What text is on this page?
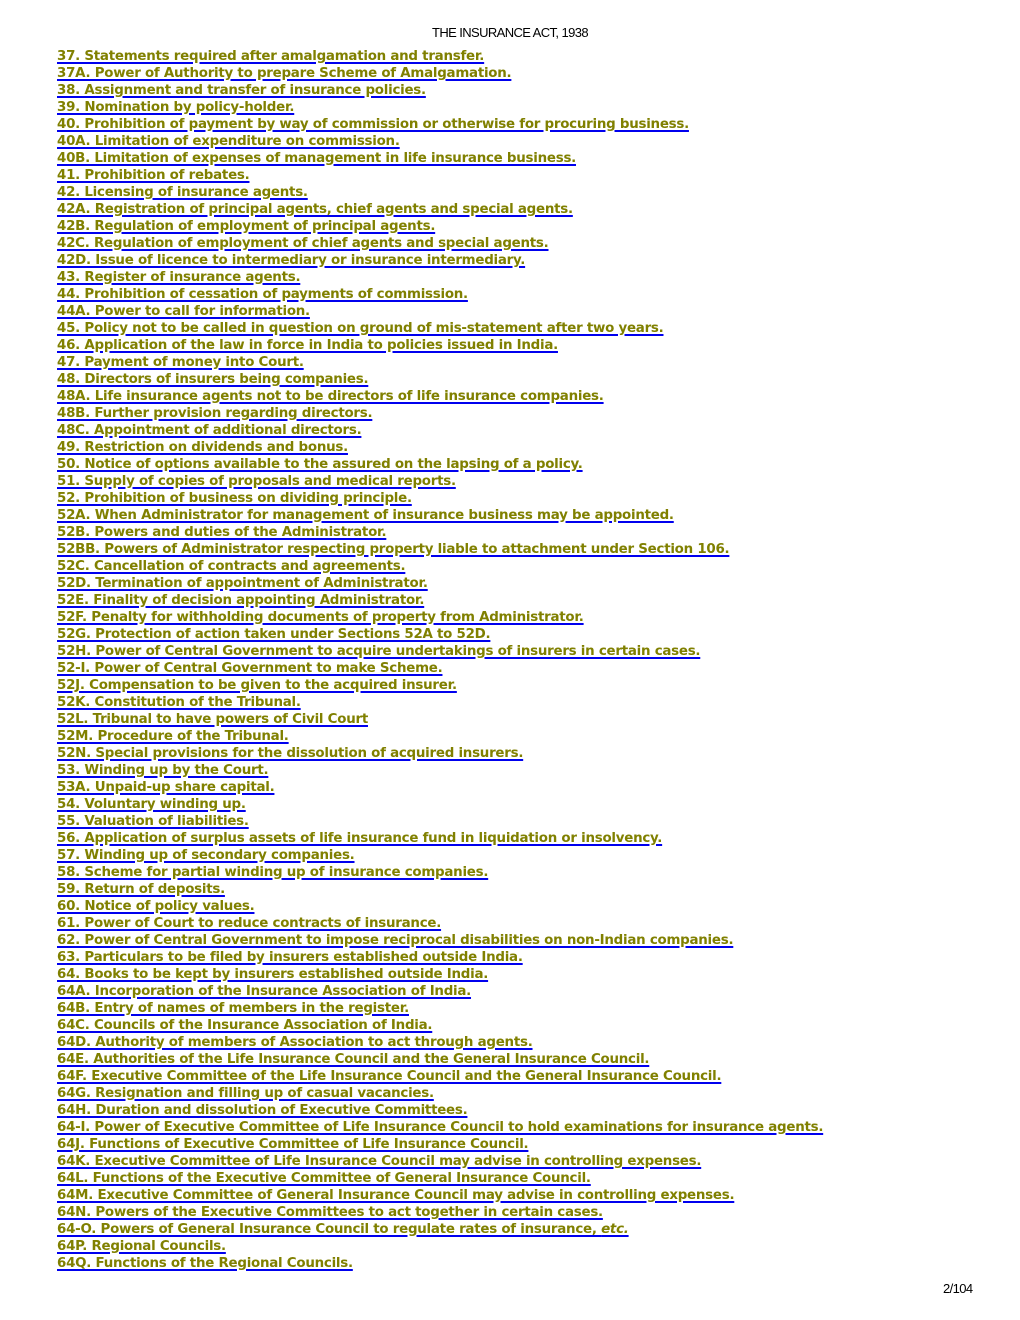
THE INSURANCE ACT, 1938
37. Statements required after amalgamation and transfer.
37A. Power of Authority to prepare Scheme of Amalgamation.
38. Assignment and transfer of insurance policies.
39. Nomination by policy-holder.
40. Prohibition of payment by way of commission or otherwise for procuring business.
40A. Limitation of expenditure on commission.
40B. Limitation of expenses of management in life insurance business.
41. Prohibition of rebates.
42. Licensing of insurance agents.
42A. Registration of principal agents, chief agents and special agents.
42B. Regulation of employment of principal agents.
42C. Regulation of employment of chief agents and special agents.
42D. Issue of licence to intermediary or insurance intermediary.
43. Register of insurance agents.
44. Prohibition of cessation of payments of commission.
44A. Power to call for information.
45. Policy not to be called in question on ground of mis-statement after two years.
46. Application of the law in force in India to policies issued in India.
47. Payment of money into Court.
48. Directors of insurers being companies.
48A. Life insurance agents not to be directors of life insurance companies.
48B. Further provision regarding directors.
48C. Appointment of additional directors.
49. Restriction on dividends and bonus.
50. Notice of options available to the assured on the lapsing of a policy.
51. Supply of copies of proposals and medical reports.
52. Prohibition of business on dividing principle.
52A. When Administrator for management of insurance business may be appointed.
52B. Powers and duties of the Administrator.
52BB. Powers of Administrator respecting property liable to attachment under Section 106.
52C. Cancellation of contracts and agreements.
52D. Termination of appointment of Administrator.
52E. Finality of decision appointing Administrator.
52F. Penalty for withholding documents of property from Administrator.
52G. Protection of action taken under Sections 52A to 52D.
52H. Power of Central Government to acquire undertakings of insurers in certain cases.
52-I. Power of Central Government to make Scheme.
52J. Compensation to be given to the acquired insurer.
52K. Constitution of the Tribunal.
52L. Tribunal to have powers of Civil Court
52M. Procedure of the Tribunal.
52N. Special provisions for the dissolution of acquired insurers.
53. Winding up by the Court.
53A. Unpaid-up share capital.
54. Voluntary winding up.
55. Valuation of liabilities.
56. Application of surplus assets of life insurance fund in liquidation or insolvency.
57. Winding up of secondary companies.
58. Scheme for partial winding up of insurance companies.
59. Return of deposits.
60. Notice of policy values.
61. Power of Court to reduce contracts of insurance.
62. Power of Central Government to impose reciprocal disabilities on non-Indian companies.
63. Particulars to be filed by insurers established outside India.
64. Books to be kept by insurers established outside India.
64A. Incorporation of the Insurance Association of India.
64B. Entry of names of members in the register.
64C. Councils of the Insurance Association of India.
64D. Authority of members of Association to act through agents.
64E. Authorities of the Life Insurance Council and the General Insurance Council.
64F. Executive Committee of the Life Insurance Council and the General Insurance Council.
64G. Resignation and filling up of casual vacancies.
64H. Duration and dissolution of Executive Committees.
64-I. Power of Executive Committee of Life Insurance Council to hold examinations for insurance agents.
64J. Functions of Executive Committee of Life Insurance Council.
64K. Executive Committee of Life Insurance Council may advise in controlling expenses.
64L. Functions of the Executive Committee of General Insurance Council.
64M. Executive Committee of General Insurance Council may advise in controlling expenses.
64N. Powers of the Executive Committees to act together in certain cases.
64-O. Powers of General Insurance Council to regulate rates of insurance, etc.
64P. Regional Councils.
64Q. Functions of the Regional Councils.
2/104
